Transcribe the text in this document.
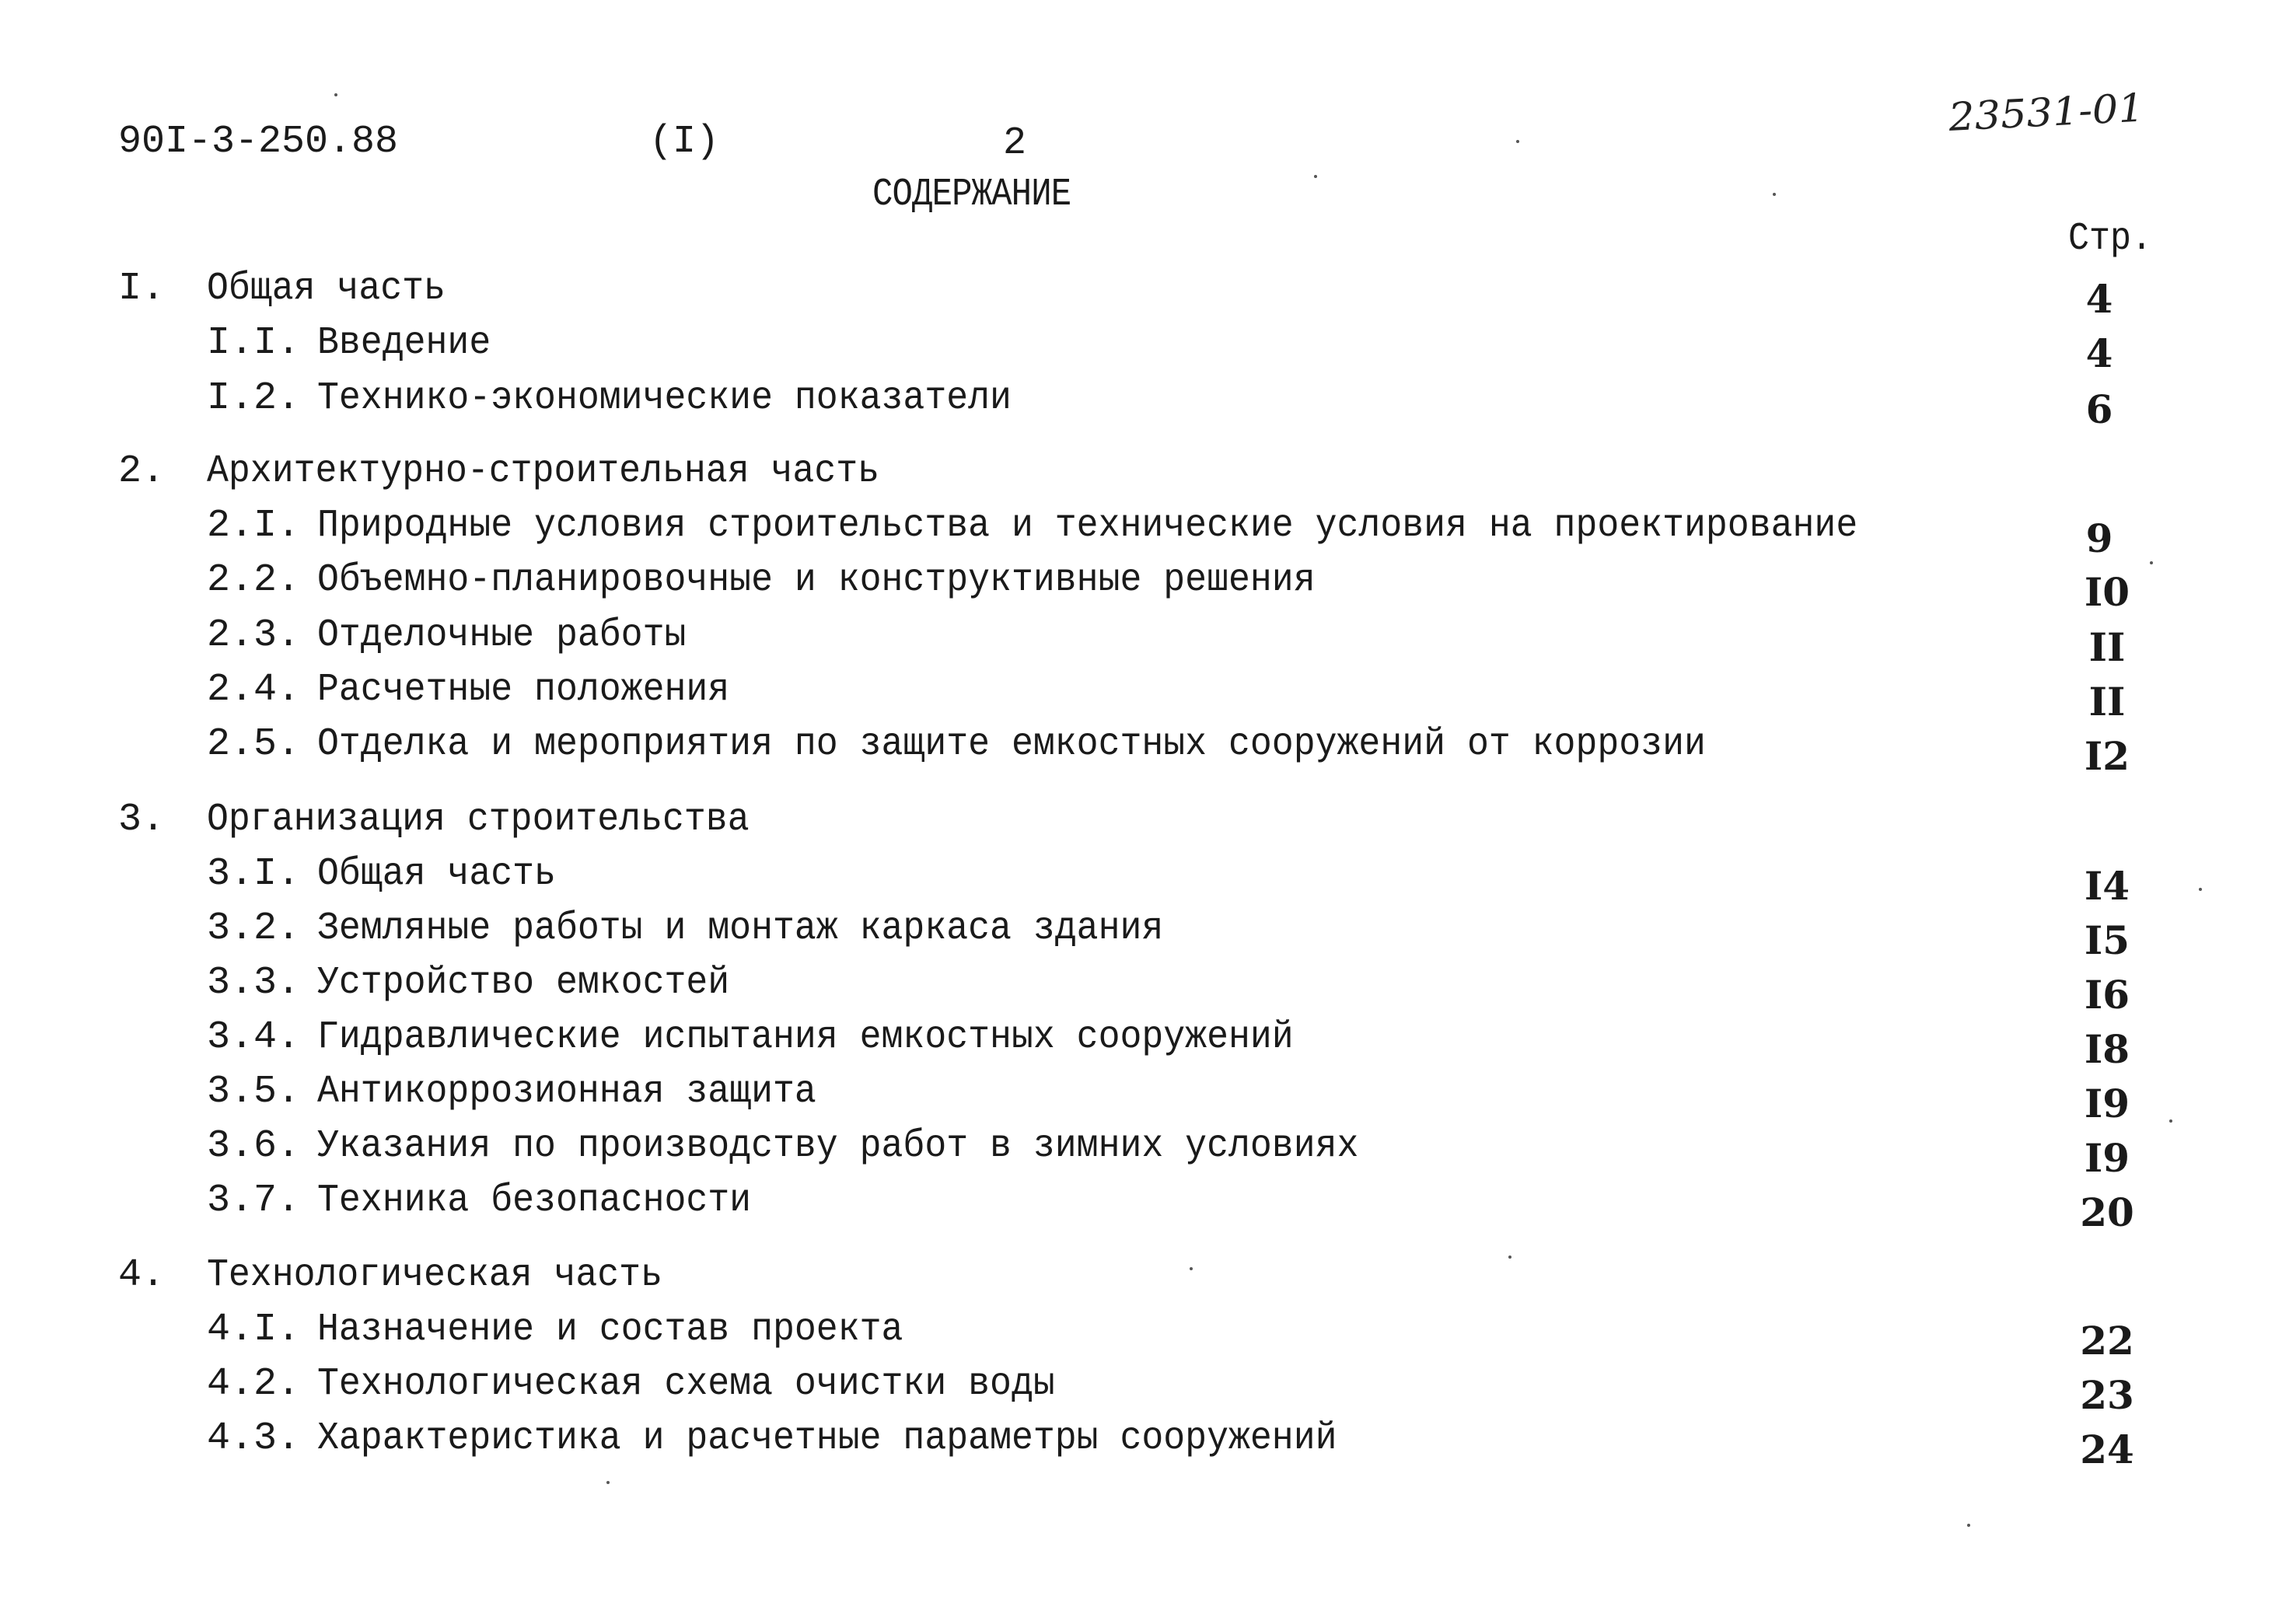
90I-3-250.88	(I)	2
23531-01
СОДЕРЖАНИЕ
Стр.
I. Общая часть	4
I.I. Введение	4
I.2. Технико-экономические показатели	6
2. Архитектурно-строительная часть
2.I. Природные условия строительства и технические условия на проектирование	9
2.2. Объемно-планировочные и конструктивные решения	I0
2.3. Отделочные работы	II
2.4. Расчетные положения	II
2.5. Отделка и мероприятия по защите емкостных сооружений от коррозии	I2
3. Организация строительства
3.I. Общая часть	I4
3.2. Земляные работы и монтаж каркаса здания	I5
3.3. Устройство емкостей	I6
3.4. Гидравлические испытания емкостных сооружений	I8
3.5. Антикоррозионная защита	I9
3.6. Указания по производству работ в зимних условиях	I9
3.7. Техника безопасности	20
4. Технологическая часть
4.I. Назначение и состав проекта	22
4.2. Технологическая схема очистки воды	23
4.3. Характеристика и расчетные параметры сооружений	24
